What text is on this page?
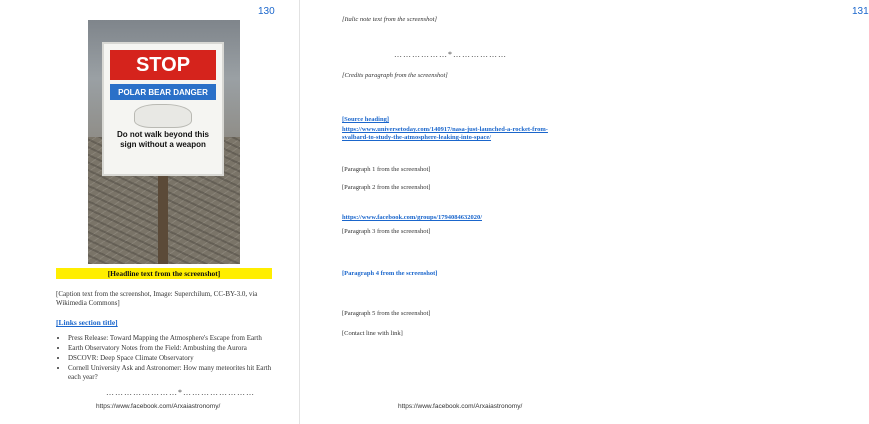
130
STOP
POLAR BEAR DANGER
Do not walk beyond this sign without a weapon
[Headline text from the screenshot]
[Caption text from the screenshot, Image: Superchilum, CC-BY-3.0, via Wikimedia Commons]
[Links section title]
• Press Release: Toward Mapping the Atmosphere's Escape from Earth
• Earth Observatory Notes from the Field: Ambushing the Aurora
• DSCOVR: Deep Space Climate Observatory
• Cornell University Ask and Astronomer: How many meteorites hit Earth each year?
……………………*……………………
https://www.facebook.com/Arxaiastronomy/
131
[Italic note text from the screenshot]
………………*………………
[Credits paragraph from the screenshot]
[Source heading]
https://www.universetoday.com/140917/nasa-just-launched-a-rocket-from-svalbard-to-study-the-atmosphere-leaking-into-space/
[Paragraph 1 from the screenshot]
[Paragraph 2 from the screenshot]
https://www.facebook.com/groups/1794084632020/
[Paragraph 3 from the screenshot]
[Paragraph 4 from the screenshot]
[Paragraph 5 from the screenshot]
[Contact line with link]
https://www.facebook.com/Arxaiastronomy/
